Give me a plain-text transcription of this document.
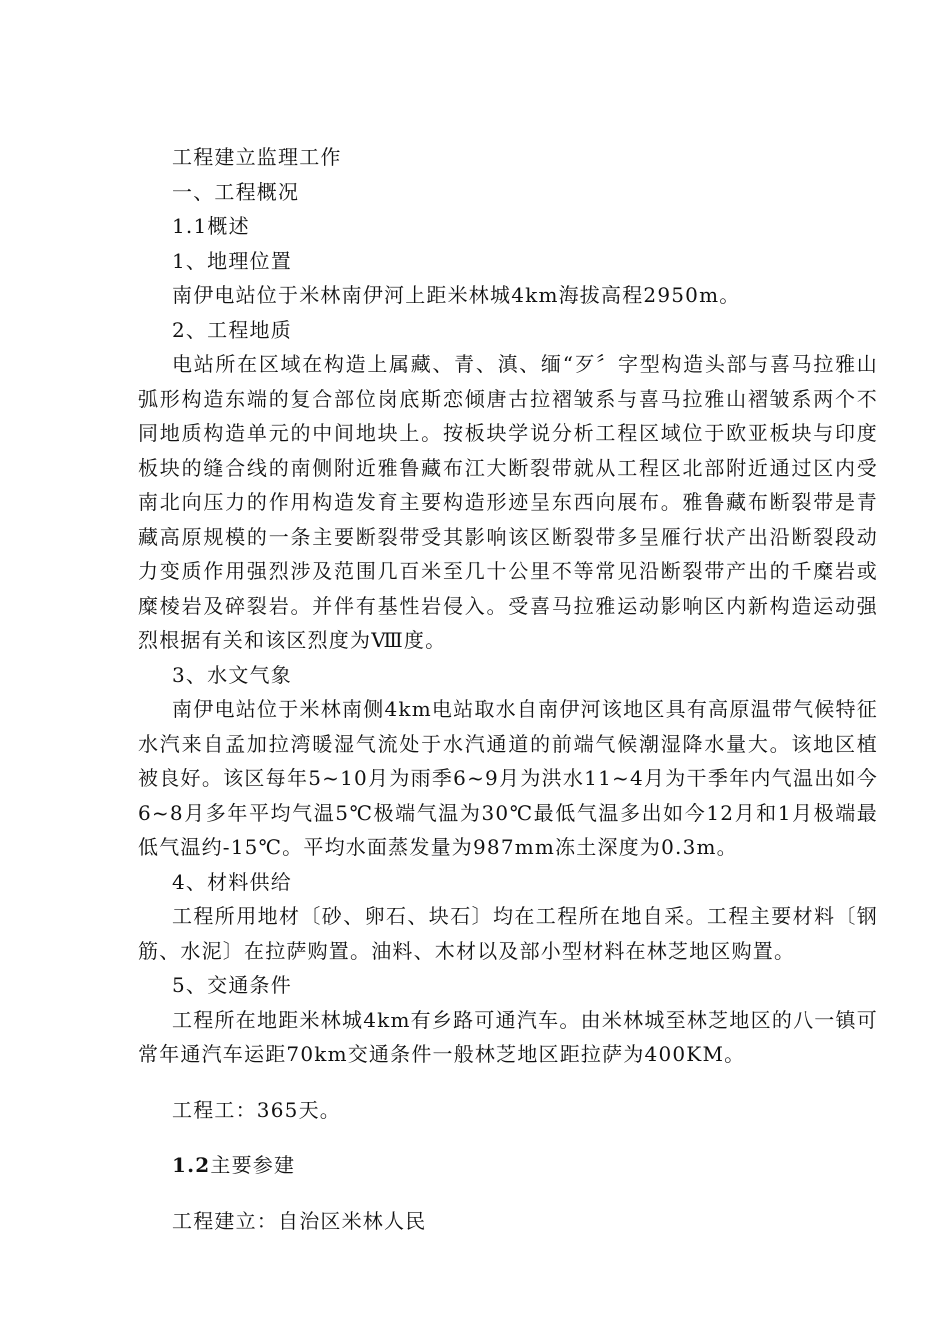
工程建立监理工作

一、工程概况

1.1概述

1、地理位置

南伊电站位于米林南伊河上距米林城4km海拔高程2950m。

2、工程地质

电站所在区域在构造上属藏、青、滇、缅“歹〞字型构造头部与喜马拉雅山弧形构造东端的复合部位岗底斯恋倾唐古拉褶皱系与喜马拉雅山褶皱系两个不同地质构造单元的中间地块上。按板块学说分析工程区域位于欧亚板块与印度板块的缝合线的南侧附近雅鲁藏布江大断裂带就从工程区北部附近通过区内受南北向压力的作用构造发育主要构造形迹呈东西向展布。雅鲁藏布断裂带是青藏高原规模的一条主要断裂带受其影响该区断裂带多呈雁行状产出沿断裂段动力变质作用强烈涉及范围几百米至几十公里不等常见沿断裂带产出的千糜岩或糜棱岩及碎裂岩。并伴有基性岩侵入。受喜马拉雅运动影响区内新构造运动强烈根据有关和该区烈度为Ⅷ度。

3、水文气象

南伊电站位于米林南侧4km电站取水自南伊河该地区具有高原温带气候特征水汽来自孟加拉湾暖湿气流处于水汽通道的前端气候潮湿降水量大。该地区植被良好。该区每年5~10月为雨季6~9月为洪水11~4月为干季年内气温出如今6~8月多年平均气温5℃极端气温为30℃最低气温多出如今12月和1月极端最低气温约-15℃。平均水面蒸发量为987mm冻土深度为0.3m。

4、材料供给

工程所用地材〔砂、卵石、块石〕均在工程所在地自采。工程主要材料〔钢筋、水泥〕在拉萨购置。油料、木材以及部小型材料在林芝地区购置。

5、交通条件

工程所在地距米林城4km有乡路可通汽车。由米林城至林芝地区的八一镇可常年通汽车运距70km交通条件一般林芝地区距拉萨为400KM。

工程工：365天。

1.2主要参建

工程建立：自治区米林人民
